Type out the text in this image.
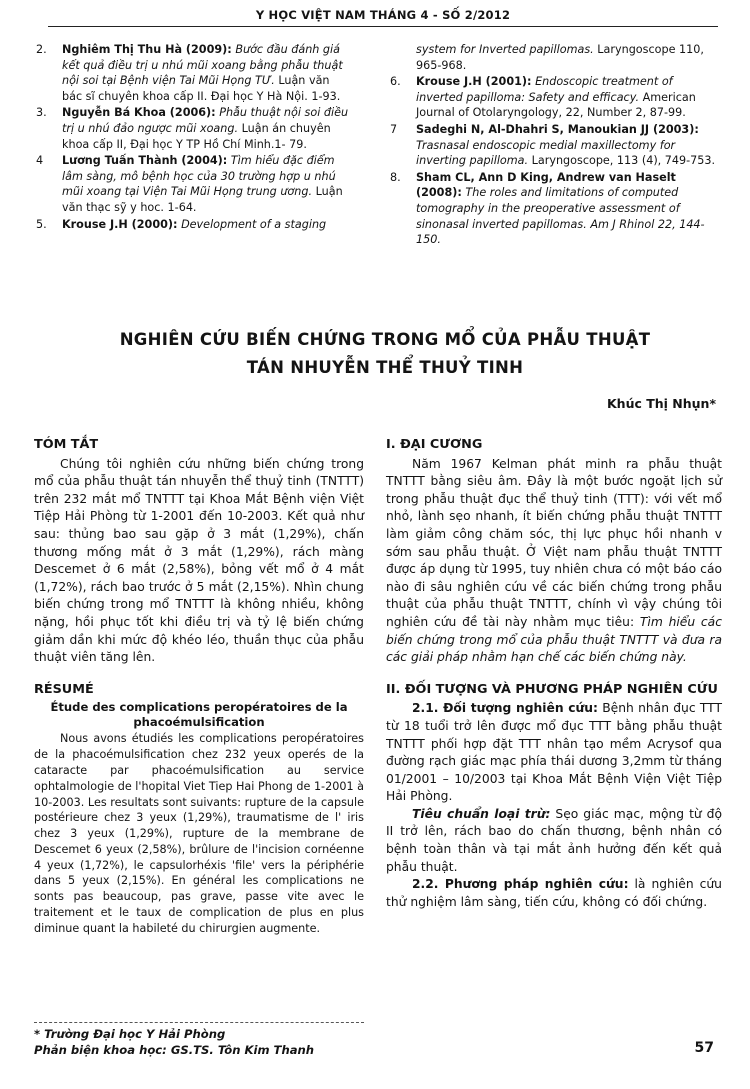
Y HỌC VIỆT NAM THÁNG 4 - SỐ 2/2012
2. Nghiêm Thị Thu Hà (2009): Bước đầu đánh giá kết quả điều trị u nhú mũi xoang bằng phẫu thuật nội soi tại Bệnh viện Tai Mũi Họng TƯ. Luận văn bác sĩ chuyên khoa cấp II. Đại học Y Hà Nội. 1-93.
3. Nguyễn Bá Khoa (2006): Phẫu thuật nội soi điều trị u nhú đảo ngược mũi xoang. Luận án chuyên khoa cấp II, Đại học Y TP Hồ Chí Minh.1- 79.
4 Lương Tuấn Thành (2004): Tìm hiểu đặc điểm lâm sàng, mô bệnh học của 30 trường hợp u nhú mũi xoang tại Viện Tai Mũi Họng trung ương. Luận văn thạc sỹ y hoc. 1-64.
5. Krouse J.H (2000): Development of a staging
system for Inverted papillomas. Laryngoscope 110, 965-968.
6. Krouse J.H (2001): Endoscopic treatment of inverted papilloma: Safety and efficacy. American Journal of Otolaryngology, 22, Number 2, 87-99.
7 Sadeghi N, Al-Dhahri S, Manoukian JJ (2003): Trasnasal endoscopic medial maxillectomy for inverting papilloma. Laryngoscope, 113 (4), 749-753.
8. Sham CL, Ann D King, Andrew van Haselt (2008): The roles and limitations of computed tomography in the preoperative assessment of sinonasal inverted papillomas. Am J Rhinol 22, 144-150.
NGHIÊN CỨU BIẾN CHỨNG TRONG MỔ CỦA PHẪU THUẬT
TÁN NHUYỄN THỂ THUỶ TINH
Khúc Thị Nhụn*
TÓM TẮT

Chúng tôi nghiên cứu những biến chứng trong mổ của phẫu thuật tán nhuyễn thể thuỷ tinh (TNTTT) trên 232 mắt mổ TNTTT tại Khoa Mắt Bệnh viện Việt Tiệp Hải Phòng từ 1-2001 đến 10-2003. Kết quả như sau: thủng bao sau gặp ở 3 mắt (1,29%), chấn thương mống mắt ở 3 mắt (1,29%), rách màng Descemet ở 6 mắt (2,58%), bỏng vết mổ ở 4 mắt (1,72%), rách bao trước ở 5 mắt (2,15%). Nhìn chung biến chứng trong mổ TNTTT là không nhiều, không nặng, hồi phục tốt khi điều trị và tỷ lệ biến chứng giảm dần khi mức độ khéo léo, thuần thục của phẫu thuật viên tăng lên.

RÉSUMÉ
Étude des complications peropératoires de la phacoémulsification

Nous avons étudiés les complications peropératoires de la phacoémulsification chez 232 yeux operés de la cataracte par phacoémulsification au service ophtalmologie de l'hopital Viet Tiep Hai Phong de 1-2001 à 10-2003. Les resultats sont suivants: rupture de la capsule postérieure chez 3 yeux (1,29%), traumatisme de l' iris chez 3 yeux (1,29%), rupture de la membrane de Descemet 6 yeux (2,58%), brûlure de l'incision cornéenne 4 yeux (1,72%), le capsulorhéxis 'file' vers la périphérie dans 5 yeux (2,15%). En général les complications ne sonts pas beaucoup, pas grave, passe vite avec le traitement et le taux de complication de plus en plus diminue quant la habileté du chirurgien augmente.

I. ĐẠI CƯƠNG

Năm 1967 Kelman phát minh ra phẫu thuật TNTTT bằng siêu âm. Đây là một bước ngoặt lịch sử trong phẫu thuật đục thể thuỷ tinh (TTT): với vết mổ nhỏ, lành sẹo nhanh, ít biến chứng phẫu thuật TNTTT làm giảm công chăm sóc, thị lực phục hồi nhanh v sớm sau phẫu thuật. Ở Việt nam phẫu thuật TNTTT được áp dụng từ 1995, tuy nhiên chưa có một báo cáo nào đi sâu nghiên cứu về các biến chứng trong phẫu thuật của phẫu thuật TNTTT, chính vì vậy chúng tôi nghiên cứu đề tài này nhằm mục tiêu: Tìm hiểu các biến chứng trong mổ của phẫu thuật TNTTT và đưa ra các giải pháp nhằm hạn chế các biến chứng này.

II. ĐỐI TƯỢNG VÀ PHƯƠNG PHÁP NGHIÊN CỨU

2.1. Đối tượng nghiên cứu: Bệnh nhân đục TTT từ 18 tuổi trở lên được mổ đục TTT bằng phẫu thuật TNTTT phối hợp đặt TTT nhân tạo mềm Acrysof qua đường rạch giác mạc phía thái dương 3,2mm từ tháng 01/2001 – 10/2003 tại Khoa Mắt Bệnh Viện Việt Tiệp Hải Phòng.

Tiêu chuẩn loại trừ: Sẹo giác mạc, mộng từ độ II trở lên, rách bao do chấn thương, bệnh nhân có bệnh toàn thân và tại mắt ảnh hưởng đến kết quả phẫu thuật.

2.2. Phương pháp nghiên cứu: là nghiên cứu thử nghiệm lâm sàng, tiến cứu, không có đối chứng.

* Trường Đại học Y Hải Phòng
Phản biện khoa học: GS.TS. Tôn Kim Thanh	57
